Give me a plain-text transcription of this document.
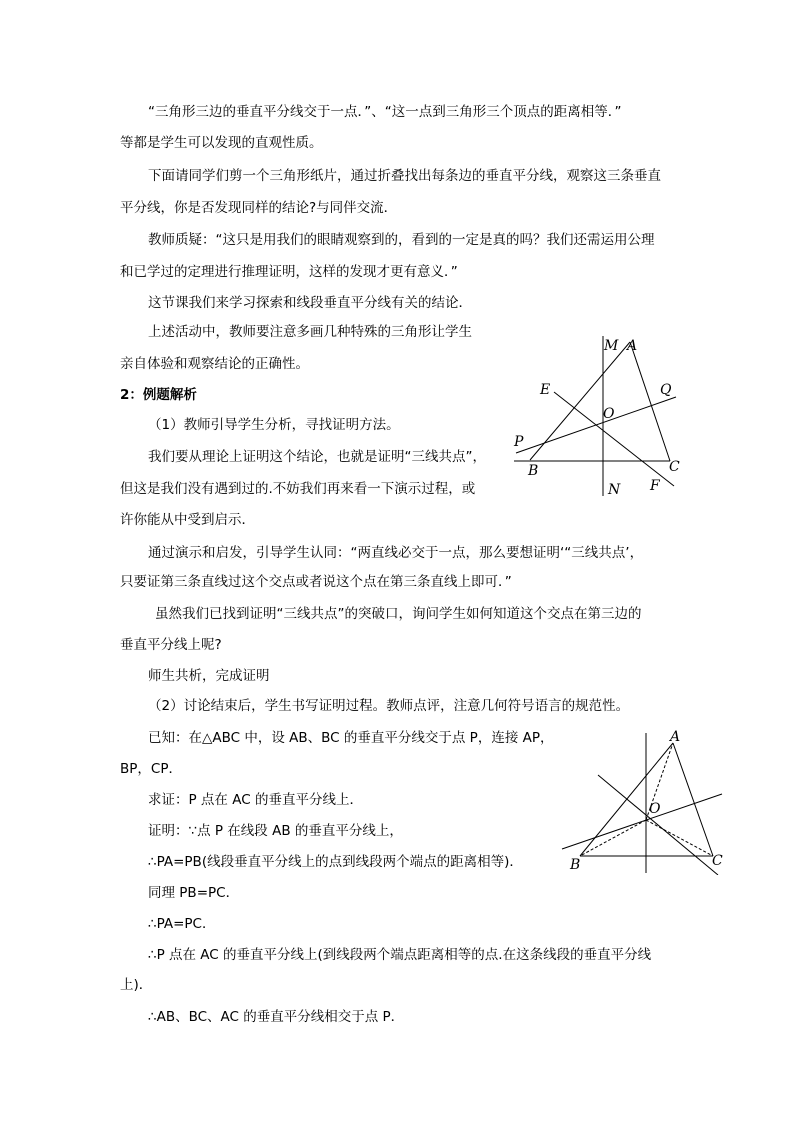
“三角形三边的垂直平分线交于一点．”、“这一点到三角形三个顶点的距离相等．”
等都是学生可以发现的直观性质。
下面请同学们剪一个三角形纸片，通过折叠找出每条边的垂直平分线，观察这三条垂直
平分线，你是否发现同样的结论?与同伴交流．
教师质疑：“这只是用我们的眼睛观察到的，看到的一定是真的吗？我们还需运用公理
和已学过的定理进行推理证明，这样的发现才更有意义．”
这节课我们来学习探索和线段垂直平分线有关的结论．
上述活动中，教师要注意多画几种特殊的三角形让学生
亲自体验和观察结论的正确性。
2：例题解析
（1）教师引导学生分析，寻找证明方法。
我们要从理论上证明这个结论，也就是证明“三线共点”，
但这是我们没有遇到过的.不妨我们再来看一下演示过程，或
许你能从中受到启示．
通过演示和启发，引导学生认同：“两直线必交于一点，那么要想证明‘“三线共点’，
只要证第三条直线过这个交点或者说这个点在第三条直线上即可．”
虽然我们已找到证明“三线共点”的突破口，询问学生如何知道这个交点在第三边的
垂直平分线上呢?
师生共析，完成证明
（2）讨论结束后，学生书写证明过程。教师点评，注意几何符号语言的规范性。
已知：在△ABC 中，设 AB、BC 的垂直平分线交于点 P，连接 AP，
BP，CP．
求证：P 点在 AC 的垂直平分线上．
证明：∵点 P 在线段 AB 的垂直平分线上，
∴PA=PB(线段垂直平分线上的点到线段两个端点的距离相等)．
同理 PB=PC．
∴PA=PC．
∴P 点在 AC 的垂直平分线上(到线段两个端点距离相等的点.在这条线段的垂直平分线
上)．
∴AB、BC、AC 的垂直平分线相交于点 P．
M A
E	Q
O
P
B	C
N F
A
O
B	C
